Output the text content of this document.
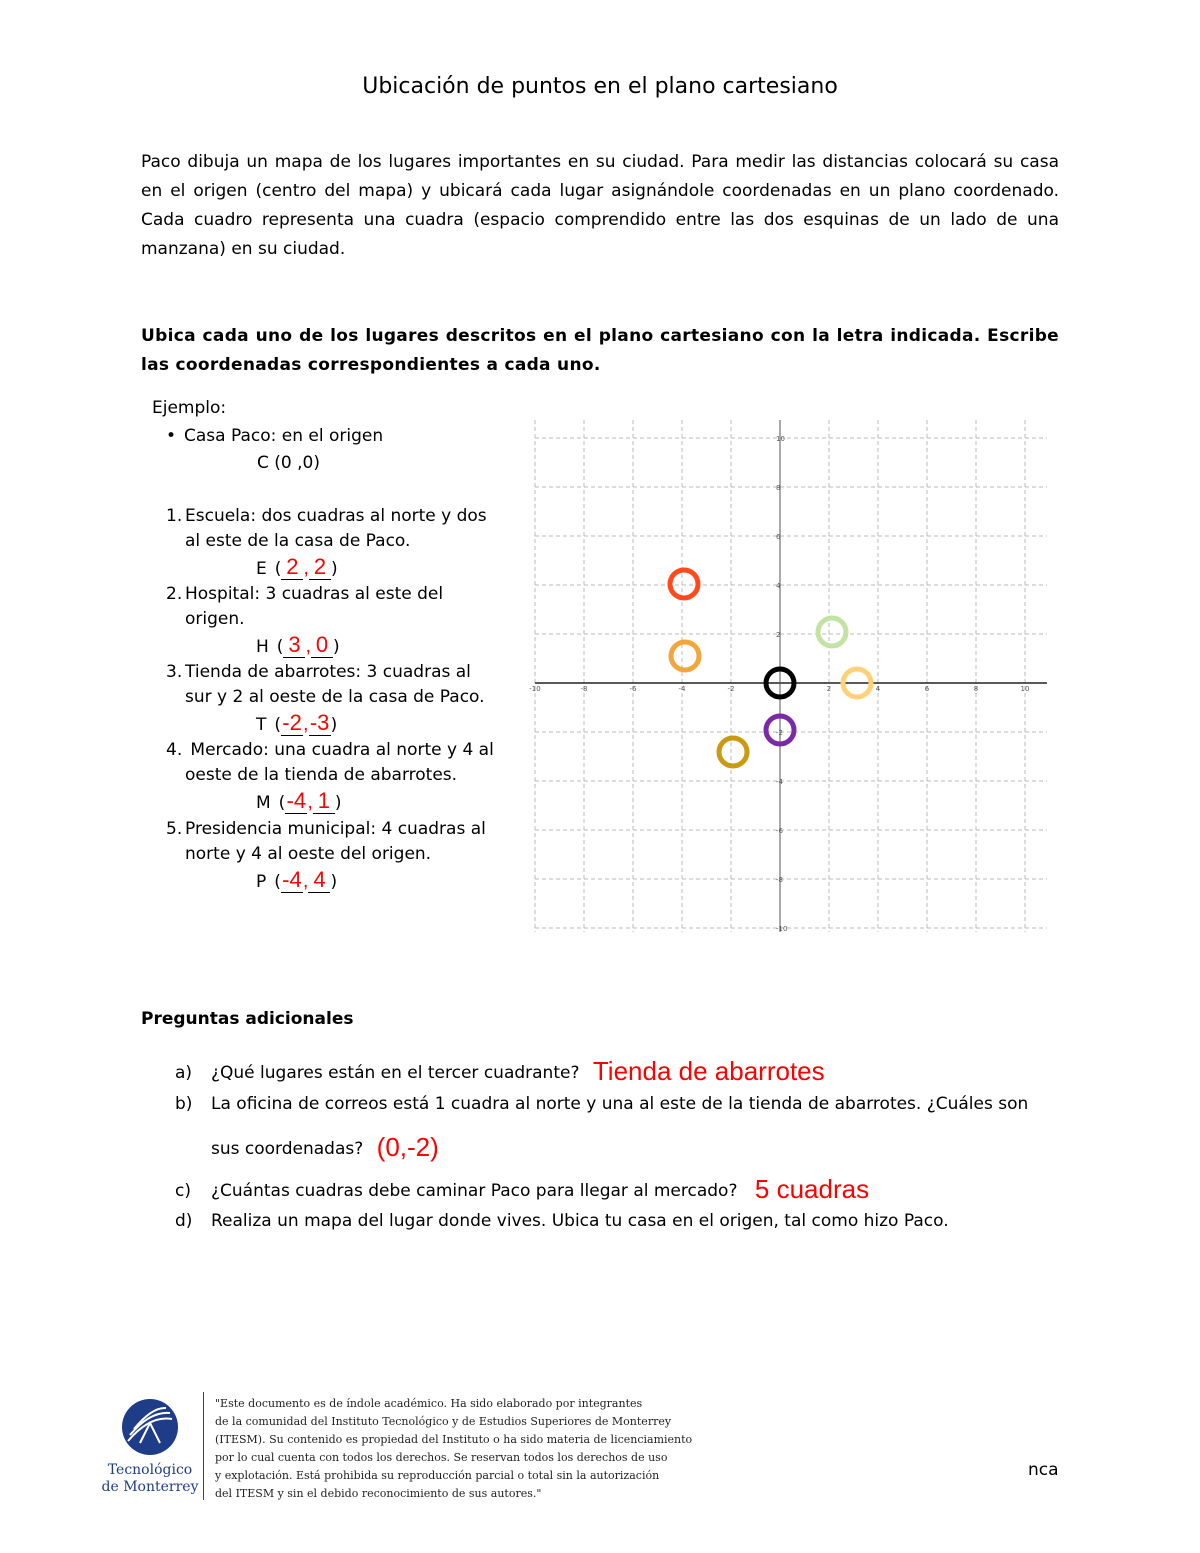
Ubicación de puntos en el plano cartesiano
Paco dibuja un mapa de los lugares importantes en su ciudad. Para medir las distancias colocará su casa en el origen (centro del mapa) y ubicará cada lugar asignándole coordenadas en un plano coordenado. Cada cuadro representa una cuadra (espacio comprendido entre las dos esquinas de un lado de una manzana) en su ciudad.
Ubica cada uno de los lugares descritos en el plano cartesiano con la letra indicada. Escribe las coordenadas correspondientes a cada uno.
Ejemplo:
• Casa Paco: en el origen
C (0 ,0)
1. Escuela: dos cuadras al norte y dos
al este de la casa de Paco.
E ( 2 , 2 )
2. Hospital: 3 cuadras al este del
origen.
H ( 3 , 0 )
3. Tienda de abarrotes: 3 cuadras al
sur y 2 al oeste de la casa de Paco.
T (-2,-3)
4. Mercado: una cuadra al norte y 4 al
oeste de la tienda de abarrotes.
M (-4, 1 )
5. Presidencia municipal: 4 cuadras al
norte y 4 al oeste del origen.
P (-4, 4 )
-10	-8	-6	-4	-2	2	4	6	8	10
10
8
6
4
2
-2
-4
-6
-8
-10
Preguntas adicionales
a) ¿Qué lugares están en el tercer cuadrante? Tienda de abarrotes
b) La oficina de correos está 1 cuadra al norte y una al este de la tienda de abarrotes. ¿Cuáles son
sus coordenadas? (0,-2)
c) ¿Cuántas cuadras debe caminar Paco para llegar al mercado? 5 cuadras
d) Realiza un mapa del lugar donde vives. Ubica tu casa en el origen, tal como hizo Paco.
Tecnológico
de Monterrey
"Este documento es de índole académico. Ha sido elaborado por integrantes
de la comunidad del Instituto Tecnológico y de Estudios Superiores de Monterrey
(ITESM). Su contenido es propiedad del Instituto o ha sido materia de licenciamiento
por lo cual cuenta con todos los derechos. Se reservan todos los derechos de uso
y explotación. Está prohibida su reproducción parcial o total sin la autorización
del ITESM y sin el debido reconocimiento de sus autores."
nca
